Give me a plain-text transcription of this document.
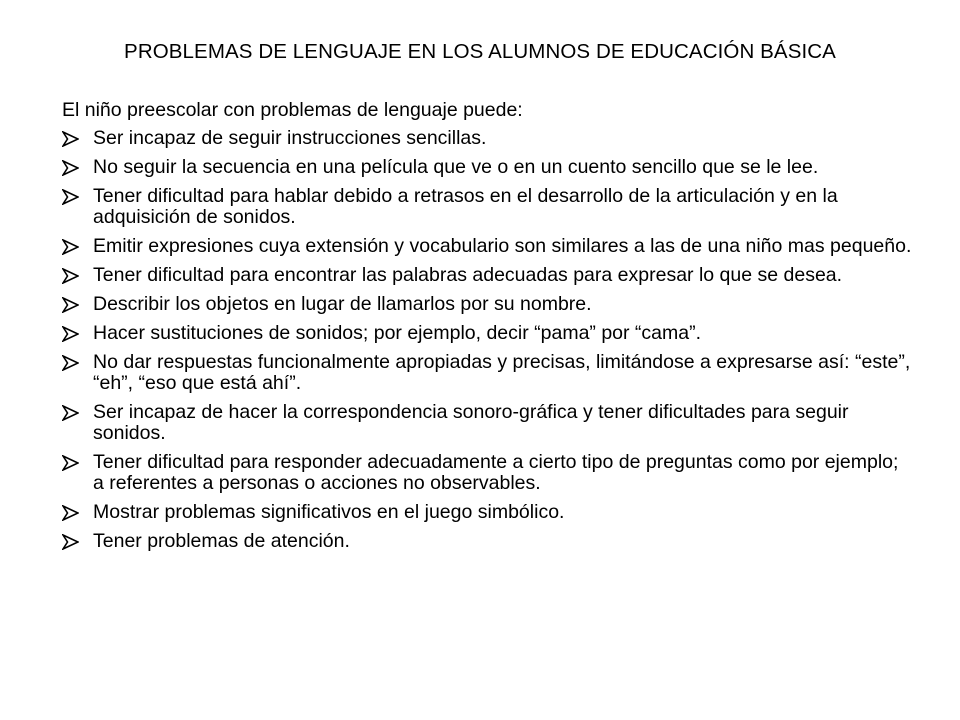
PROBLEMAS DE LENGUAJE EN LOS ALUMNOS DE EDUCACIÓN BÁSICA
El niño preescolar con problemas de lenguaje puede:
Ser incapaz de seguir instrucciones sencillas.
No seguir la secuencia en una película que ve o en un cuento sencillo que se le lee.
Tener dificultad para hablar debido a retrasos en el desarrollo de la articulación y en la adquisición de sonidos.
Emitir expresiones cuya extensión y vocabulario son similares a las de una niño mas pequeño.
Tener dificultad para encontrar las palabras adecuadas para expresar lo que se desea.
Describir los objetos en lugar de llamarlos por su nombre.
Hacer sustituciones de sonidos; por ejemplo, decir “pama” por “cama”.
No dar respuestas funcionalmente apropiadas y precisas, limitándose a expresarse así: “este”, “eh”, “eso que está ahí”.
Ser incapaz de hacer la correspondencia sonoro-gráfica y tener dificultades para seguir sonidos.
Tener dificultad para responder adecuadamente a cierto tipo de preguntas como por ejemplo; a referentes a personas o acciones no observables.
Mostrar problemas significativos en el juego simbólico.
Tener problemas de atención.
